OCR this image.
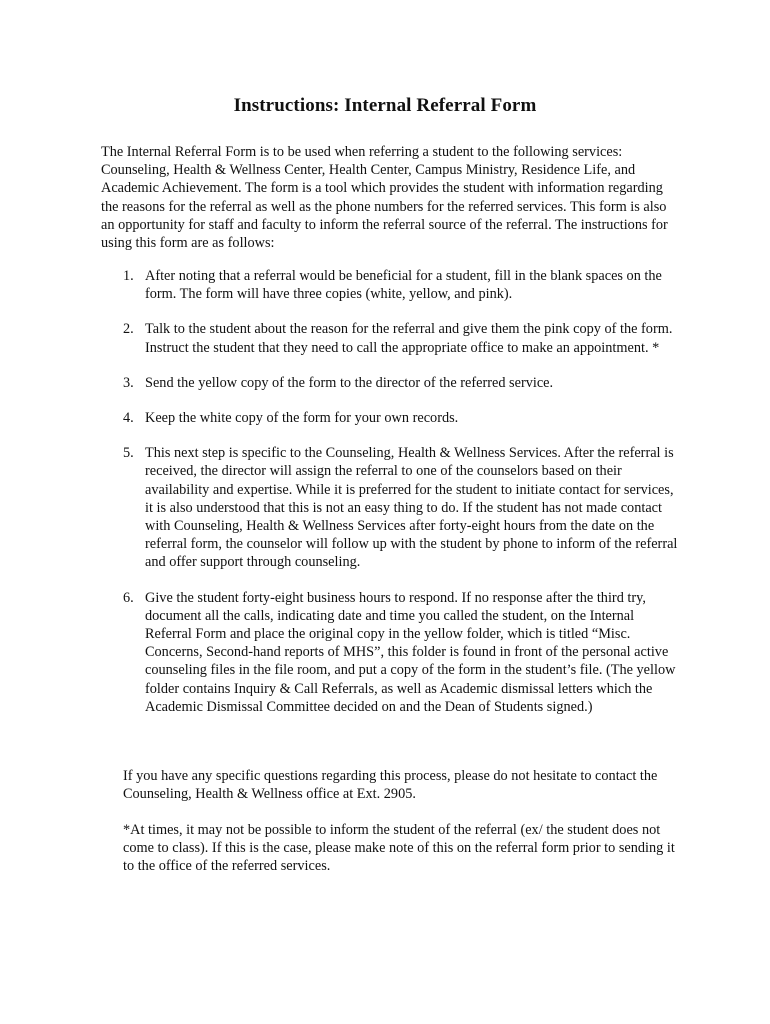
Instructions: Internal Referral Form

The Internal Referral Form is to be used when referring a student to the following services: Counseling, Health & Wellness Center, Health Center, Campus Ministry, Residence Life, and Academic Achievement. The form is a tool which provides the student with information regarding the reasons for the referral as well as the phone numbers for the referred services. This form is also an opportunity for staff and faculty to inform the referral source of the referral. The instructions for using this form are as follows:

1. After noting that a referral would be beneficial for a student, fill in the blank spaces on the form. The form will have three copies (white, yellow, and pink).
2. Talk to the student about the reason for the referral and give them the pink copy of the form. Instruct the student that they need to call the appropriate office to make an appointment. *
3. Send the yellow copy of the form to the director of the referred service.
4. Keep the white copy of the form for your own records.
5. This next step is specific to the Counseling, Health & Wellness Services. After the referral is received, the director will assign the referral to one of the counselors based on their availability and expertise. While it is preferred for the student to initiate contact for services, it is also understood that this is not an easy thing to do. If the student has not made contact with Counseling, Health & Wellness Services after forty-eight hours from the date on the referral form, the counselor will follow up with the student by phone to inform of the referral and offer support through counseling.
6. Give the student forty-eight business hours to respond. If no response after the third try, document all the calls, indicating date and time you called the student, on the Internal Referral Form and place the original copy in the yellow folder, which is titled “Misc. Concerns, Second-hand reports of MHS”, this folder is found in front of the personal active counseling files in the file room, and put a copy of the form in the student’s file. (The yellow folder contains Inquiry & Call Referrals, as well as Academic dismissal letters which the Academic Dismissal Committee decided on and the Dean of Students signed.)

If you have any specific questions regarding this process, please do not hesitate to contact the Counseling, Health & Wellness office at Ext. 2905.

*At times, it may not be possible to inform the student of the referral (ex/ the student does not come to class). If this is the case, please make note of this on the referral form prior to sending it to the office of the referred services.
